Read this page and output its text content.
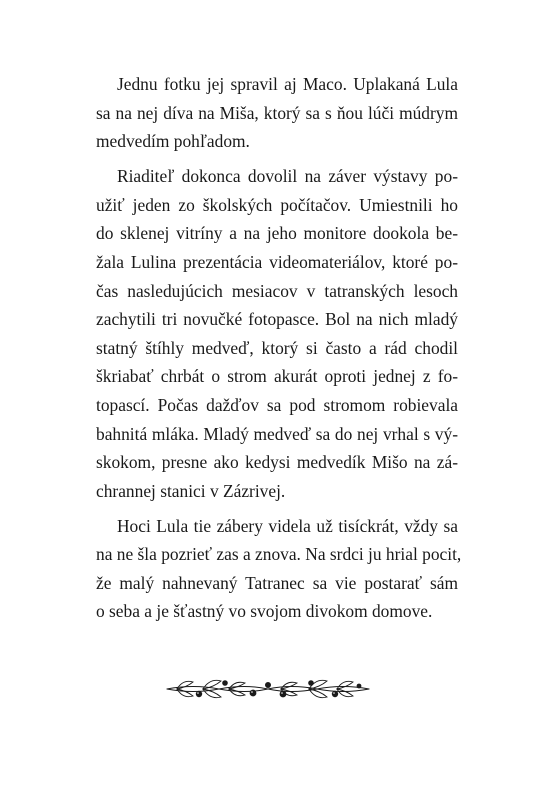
Jednu fotku jej spravil aj Maco. Uplakaná Lula
sa na nej díva na Miša, ktorý sa s ňou lúči múdrym
medvedím pohľadom.
Riaditeľ dokonca dovolil na záver výstavy po-
užiť jeden zo školských počítačov. Umiestnili ho
do sklenej vitríny a na jeho monitore dookola be-
žala Lulina prezentácia videomateriálov, ktoré po-
čas nasledujúcich mesiacov v tatranských lesoch
zachytili tri novučké fotopasce. Bol na nich mladý
statný štíhly medveď, ktorý si často a rád chodil
škriabať chrbát o strom akurát oproti jednej z fo-
topascí. Počas dažďov sa pod stromom robievala
bahnitá mláka. Mladý medveď sa do nej vrhal s vý-
skokom, presne ako kedysi medvedík Mišo na zá-
chrannej stanici v Zázrivej.
Hoci Lula tie zábery videla už tisíckrát, vždy sa
na ne šla pozrieť zas a znova. Na srdci ju hrial pocit,
že malý nahnevaný Tatranec sa vie postarať sám
o seba a je šťastný vo svojom divokom domove.
